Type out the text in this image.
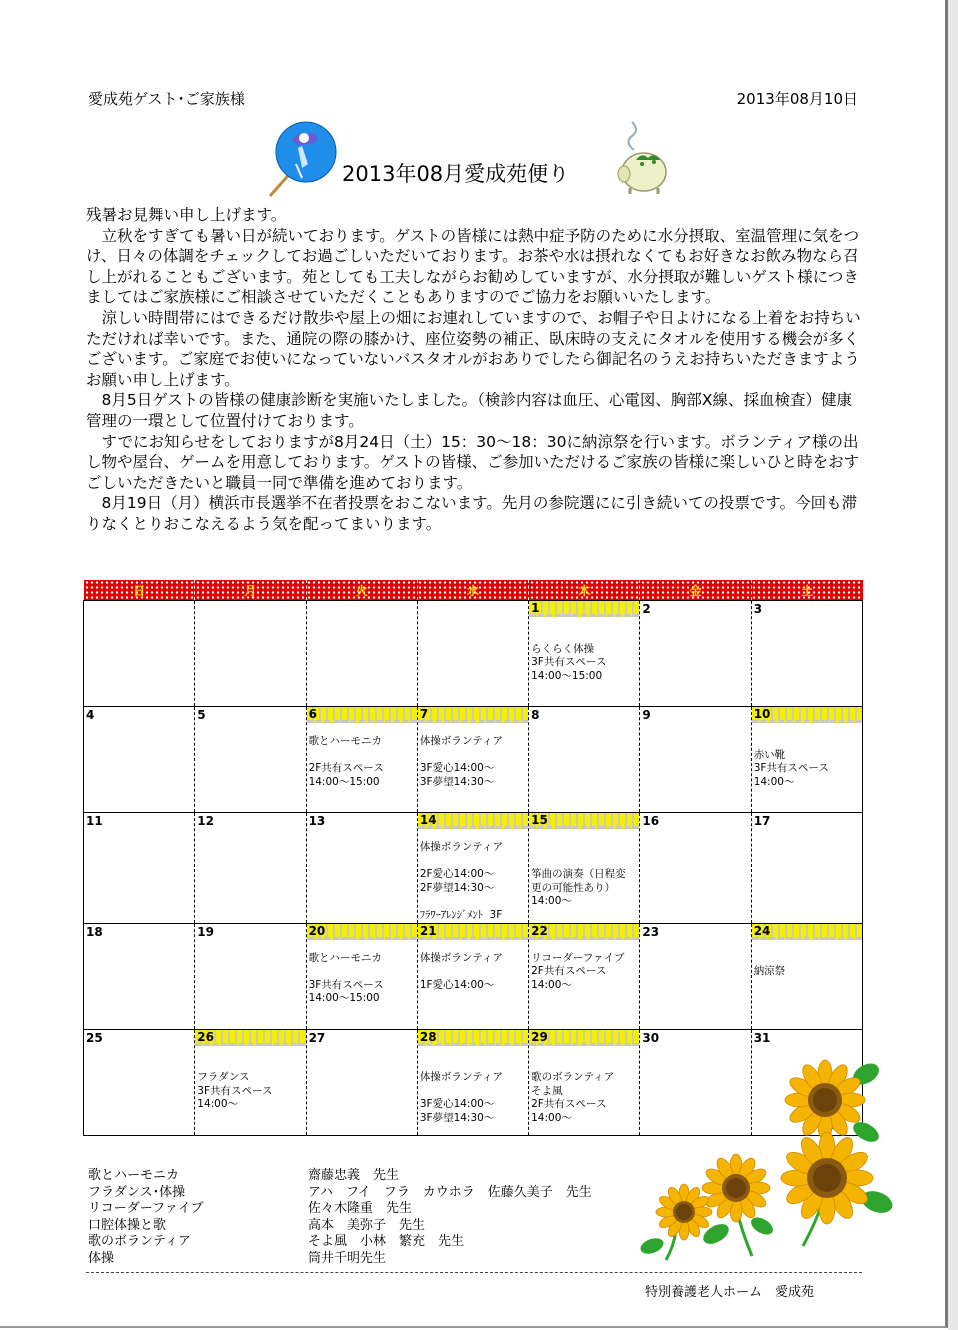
愛成苑ゲスト･ご家族様	2013年08月10日
2013年08月愛成苑便り

残暑お見舞い申し上げます。

　立秋をすぎても暑い日が続いております。ゲストの皆様には熱中症予防のために水分摂取、室温管理に気をつけ、日々の体調をチェックしてお過ごしいただいております。お茶や水は摂れなくてもお好きなお飲み物なら召し上がれることもございます。苑としても工夫しながらお勧めしていますが、水分摂取が難しいゲスト様につきましてはご家族様にご相談させていただくこともありますのでご協力をお願いいたします。

　涼しい時間帯にはできるだけ散歩や屋上の畑にお連れしていますので、お帽子や日よけになる上着をお持ちいただければ幸いです。また、通院の際の膝かけ、座位姿勢の補正、臥床時の支えにタオルを使用する機会が多くございます。ご家庭でお使いになっていないバスタオルがおありでしたら御記名のうえお持ちいただきますようお願い申し上げます。

　8月5日ゲストの皆様の健康診断を実施いたしました。（検診内容は血圧、心電図、胸部X線、採血検査）健康管理の一環として位置付けております。

　すでにお知らせをしておりますが8月24日（土）15：30～18：30に納涼祭を行います。ボランティア様の出し物や屋台、ゲームを用意しております。ゲストの皆様、ご参加いただけるご家族の皆様に楽しいひと時をおすごしいただきたいと職員一同で準備を進めております。

　8月19日（月）横浜市長選挙不在者投票をおこないます。先月の参院選にに引き続いての投票です。今回も滞りなくとりおこなえるよう気を配ってまいります。

日	月	火	水	木	金	土

				1
らくらく体操
3F共有スペース
14:00～15:00	2	3

4	5	6
歌とハーモニカ
2F共有スペース
14:00～15:00	7
体操ボランティア
3F愛心14:00～
3F夢望14:30～	8	9	10
赤い靴
3F共有スペース
14:00～

11	12	13	14
体操ボランティア
2F愛心14:00～
2F夢望14:30～
ﾌﾗﾜｰｱﾚﾝｼﾞﾒﾝﾄ  3F	15
筝曲の演奏（日程変
更の可能性あり）
14:00～	16	17

18	19	20
歌とハーモニカ
3F共有スペース
14:00～15:00	21
体操ボランティア
1F愛心14:00～	22
リコーダーファイブ
2F共有スペース
14:00～	23	24
納涼祭

25	26
フラダンス
3F共有スペース
14:00～	27	28
体操ボランティア
3F愛心14:00～
3F夢望14:30～	29
歌のボランティア
そよ風
2F共有スペース
14:00～	30	31
歌とハーモニカ	齋藤忠義　先生
フラダンス･体操	アハ　フイ　フラ　カウホラ　佐藤久美子　先生
リコーダーファイブ	佐々木隆重　先生
口腔体操と歌	高本　美弥子　先生
歌のボランティア	そよ風　小林　繁充　先生
体操	筒井千明先生
特別養護老人ホーム　愛成苑
